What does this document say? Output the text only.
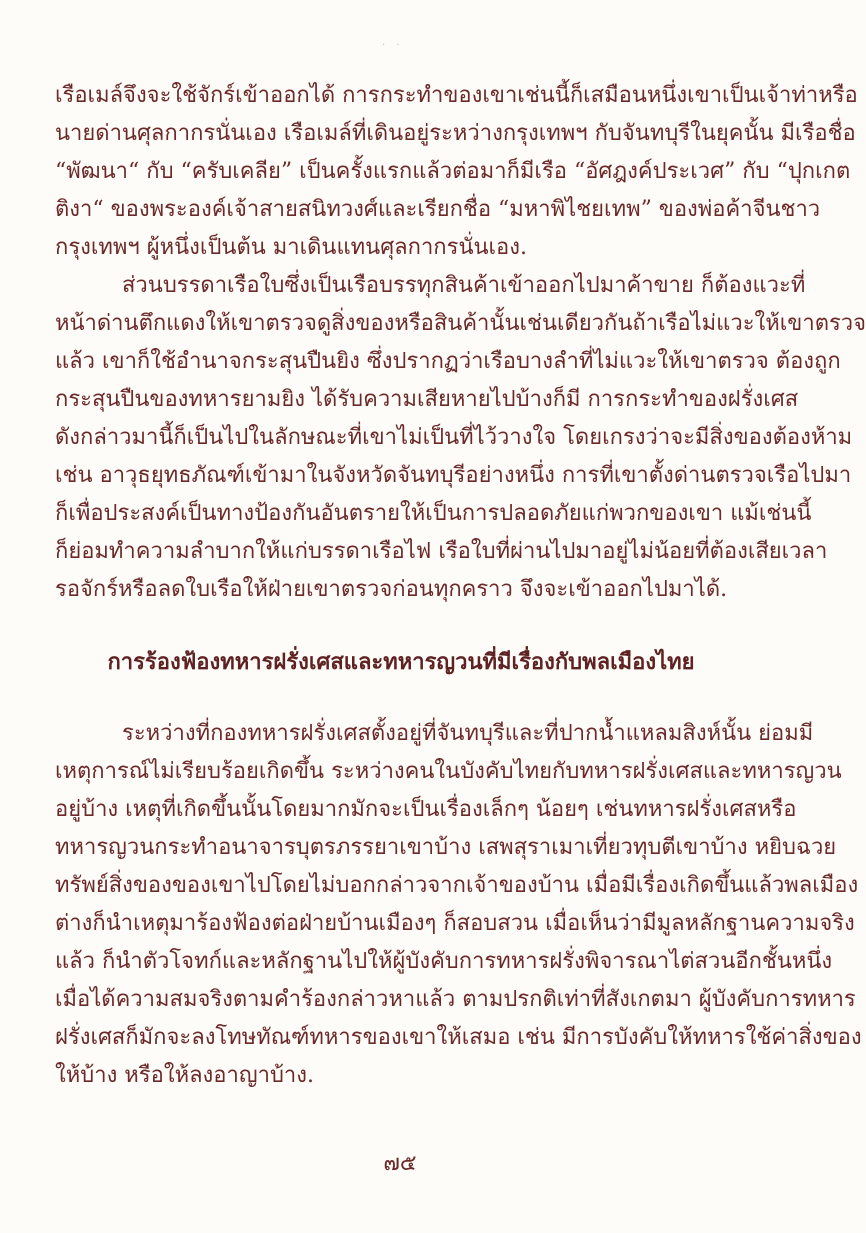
· ·
เรือเมล์จึงจะใช้จักร์เข้าออกได้ การกระทำของเขาเช่นนี้ก็เสมือนหนึ่งเขาเป็นเจ้าท่าหรือ
นายด่านศุลกากรนั่นเอง เรือเมล์ที่เดินอยู่ระหว่างกรุงเทพฯ กับจันทบุรีในยุคนั้น มีเรือชื่อ
“พัฒนา“ กับ “ครับเคลีย” เป็นครั้งแรกแล้วต่อมาก็มีเรือ “อัศฎงค์ประเวศ” กับ “ปุกเกต
ติงา“ ของพระองค์เจ้าสายสนิทวงศ์และเรียกชื่อ “มหาพิไชยเทพ” ของพ่อค้าจีนชาว
กรุงเทพฯ ผู้หนึ่งเป็นต้น มาเดินแทนศุลกากรนั่นเอง.
ส่วนบรรดาเรือใบซึ่งเป็นเรือบรรทุกสินค้าเข้าออกไปมาค้าขาย ก็ต้องแวะที่
หน้าด่านตึกแดงให้เขาตรวจดูสิ่งของหรือสินค้านั้นเช่นเดียวกันถ้าเรือไม่แวะให้เขาตรวจ
แล้ว เขาก็ใช้อำนาจกระสุนปืนยิง ซึ่งปรากฏว่าเรือบางลำที่ไม่แวะให้เขาตรวจ ต้องถูก
กระสุนปืนของทหารยามยิง ได้รับความเสียหายไปบ้างก็มี การกระทำของฝรั่งเศส
ดังกล่าวมานี้ก็เป็นไปในลักษณะที่เขาไม่เป็นที่ไว้วางใจ โดยเกรงว่าจะมีสิ่งของต้องห้าม
เช่น อาวุธยุทธภัณฑ์เข้ามาในจังหวัดจันทบุรีอย่างหนึ่ง การที่เขาตั้งด่านตรวจเรือไปมา
ก็เพื่อประสงค์เป็นทางป้องกันอันตรายให้เป็นการปลอดภัยแก่พวกของเขา แม้เช่นนี้
ก็ย่อมทำความลำบากให้แก่บรรดาเรือไฟ เรือใบที่ผ่านไปมาอยู่ไม่น้อยที่ต้องเสียเวลา
รอจักร์หรือลดใบเรือให้ฝ่ายเขาตรวจก่อนทุกคราว จึงจะเข้าออกไปมาได้.
การร้องฟ้องทหารฝรั่งเศสและทหารญวนที่มีเรื่องกับพลเมืองไทย
ระหว่างที่กองทหารฝรั่งเศสตั้งอยู่ที่จันทบุรีและที่ปากน้ำแหลมสิงห์นั้น ย่อมมี
เหตุการณ์ไม่เรียบร้อยเกิดขึ้น ระหว่างคนในบังคับไทยกับทหารฝรั่งเศสและทหารญวน
อยู่บ้าง เหตุที่เกิดขึ้นนั้นโดยมากมักจะเป็นเรื่องเล็กๆ น้อยๆ เช่นทหารฝรั่งเศสหรือ
ทหารญวนกระทำอนาจารบุตรภรรยาเขาบ้าง เสพสุราเมาเที่ยวทุบตีเขาบ้าง หยิบฉวย
ทรัพย์สิ่งของของเขาไปโดยไม่บอกกล่าวจากเจ้าของบ้าน เมื่อมีเรื่องเกิดขึ้นแล้วพลเมือง
ต่างก็นำเหตุมาร้องฟ้องต่อฝ่ายบ้านเมืองๆ ก็สอบสวน เมื่อเห็นว่ามีมูลหลักฐานความจริง
แล้ว ก็นำตัวโจทก์และหลักฐานไปให้ผู้บังคับการทหารฝรั่งพิจารณาไต่สวนอีกชั้นหนึ่ง
เมื่อได้ความสมจริงตามคำร้องกล่าวหาแล้ว ตามปรกติเท่าที่สังเกตมา ผู้บังคับการทหาร
ฝรั่งเศสก็มักจะลงโทษทัณฑ์ทหารของเขาให้เสมอ เช่น มีการบังคับให้ทหารใช้ค่าสิ่งของ
ให้บ้าง หรือให้ลงอาญาบ้าง.
๗๕
